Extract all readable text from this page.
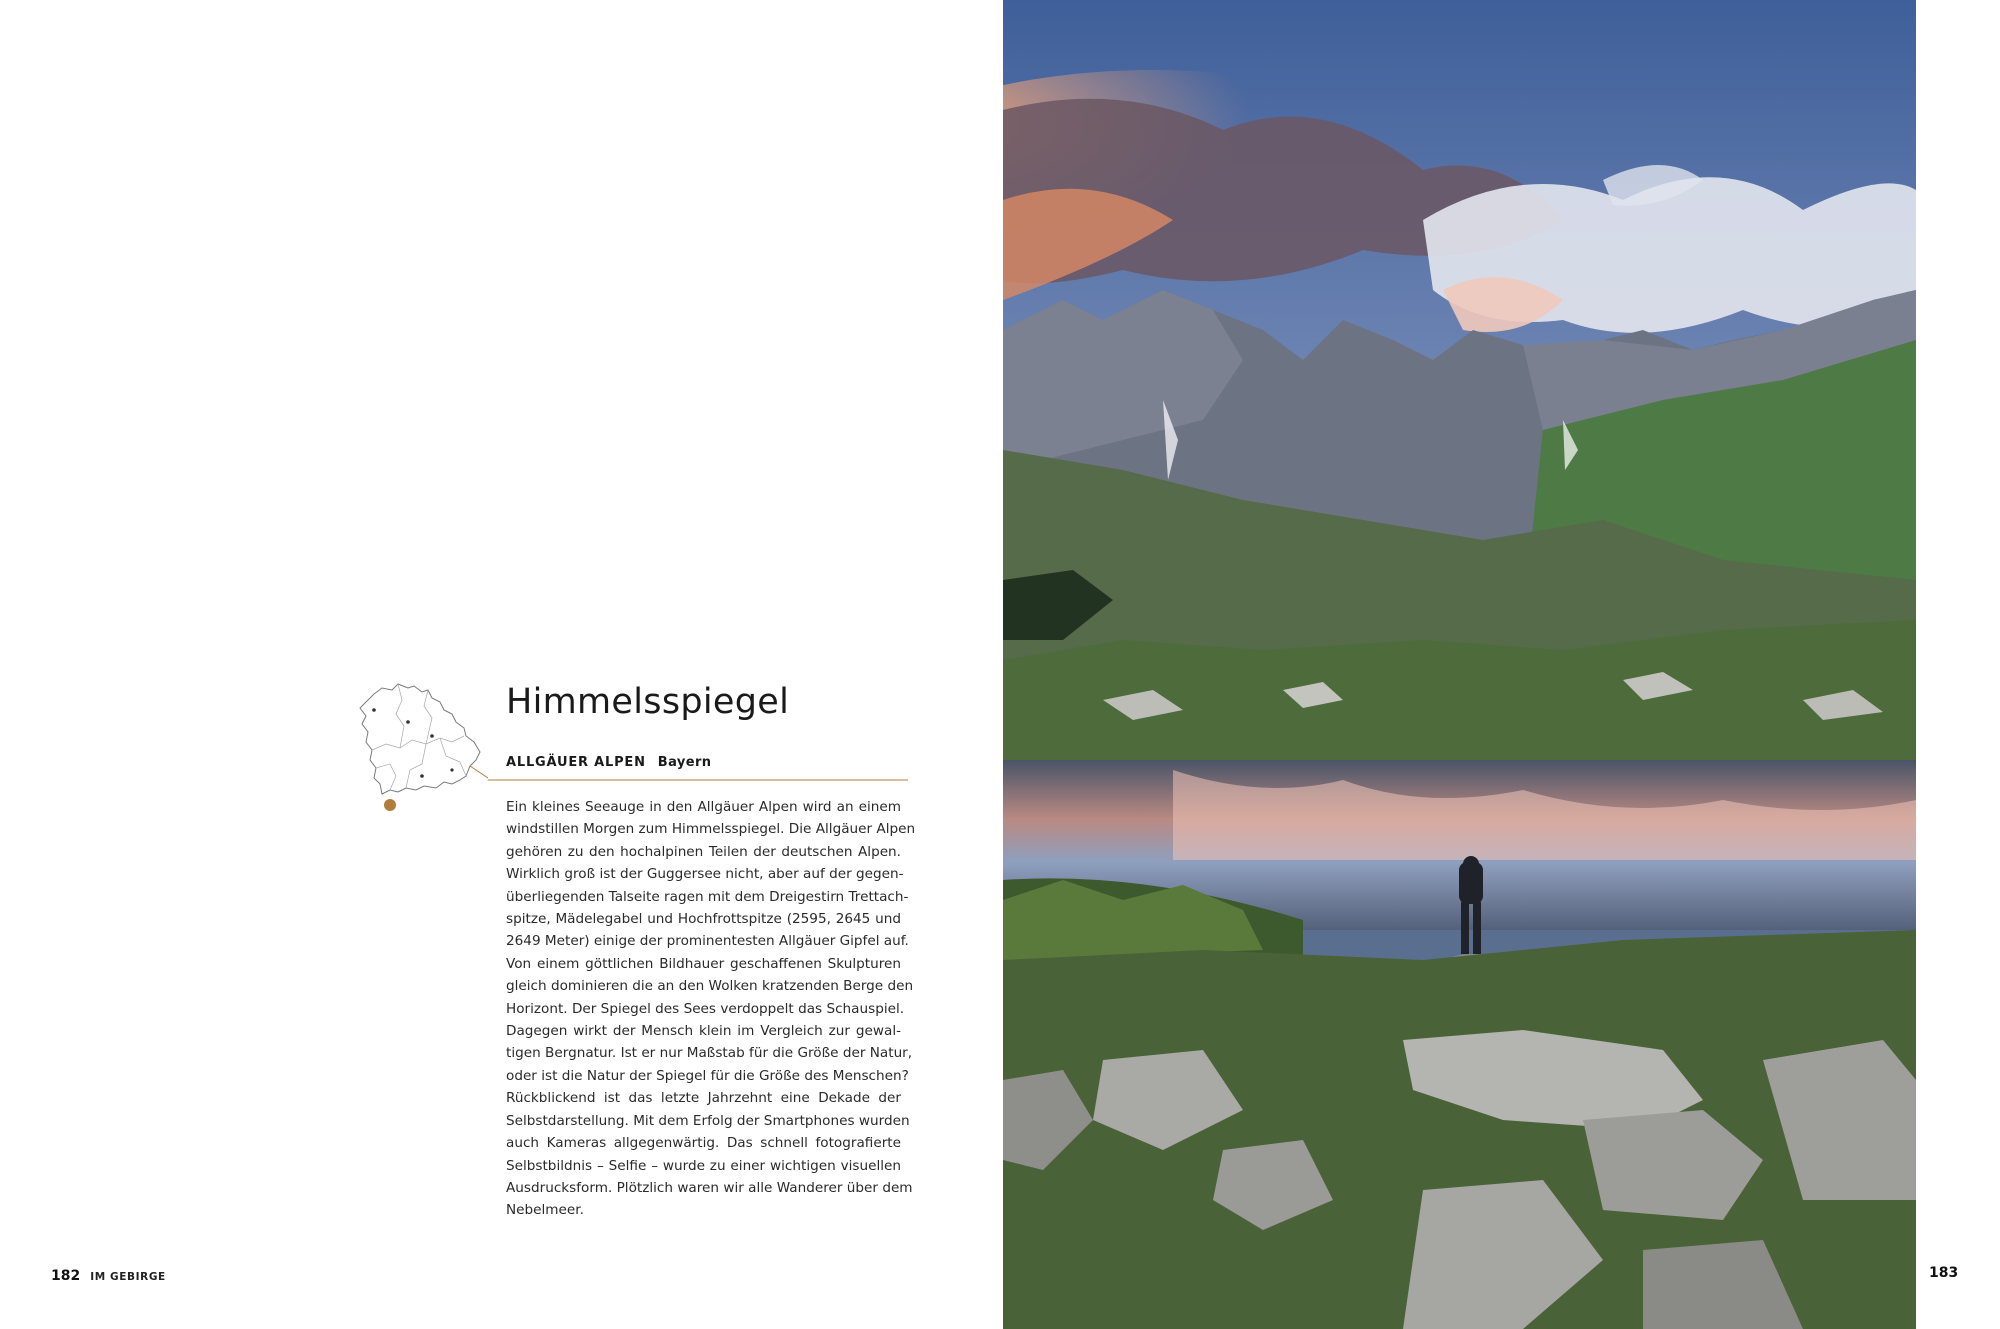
Himmelsspiegel
ALLGÄUER ALPEN Bayern

Ein kleines Seeauge in den Allgäuer Alpen wird an einem

windstillen Morgen zum Himmelsspiegel. Die Allgäuer Alpen

gehören zu den hochalpinen Teilen der deutschen Alpen.

Wirklich groß ist der Guggersee nicht, aber auf der gegen-

überliegenden Talseite ragen mit dem Dreigestirn Trettach-

spitze, Mädelegabel und Hochfrottspitze (2595, 2645 und

2649 Meter) einige der prominentesten Allgäuer Gipfel auf.

Von einem göttlichen Bildhauer geschaffenen Skulpturen

gleich dominieren die an den Wolken kratzenden Berge den

Horizont. Der Spiegel des Sees verdoppelt das Schauspiel.

Dagegen wirkt der Mensch klein im Vergleich zur gewal-

tigen Bergnatur. Ist er nur Maßstab für die Größe der Natur,

oder ist die Natur der Spiegel für die Größe des Menschen?

Rückblickend ist das letzte Jahrzehnt eine Dekade der

Selbstdarstellung. Mit dem Erfolg der Smartphones wurden

auch Kameras allgegenwärtig. Das schnell fotografierte

Selbstbildnis – Selfie – wurde zu einer wichtigen visuellen

Ausdrucksform. Plötzlich waren wir alle Wanderer über dem

Nebelmeer.

182 IM GEBIRGE	183
